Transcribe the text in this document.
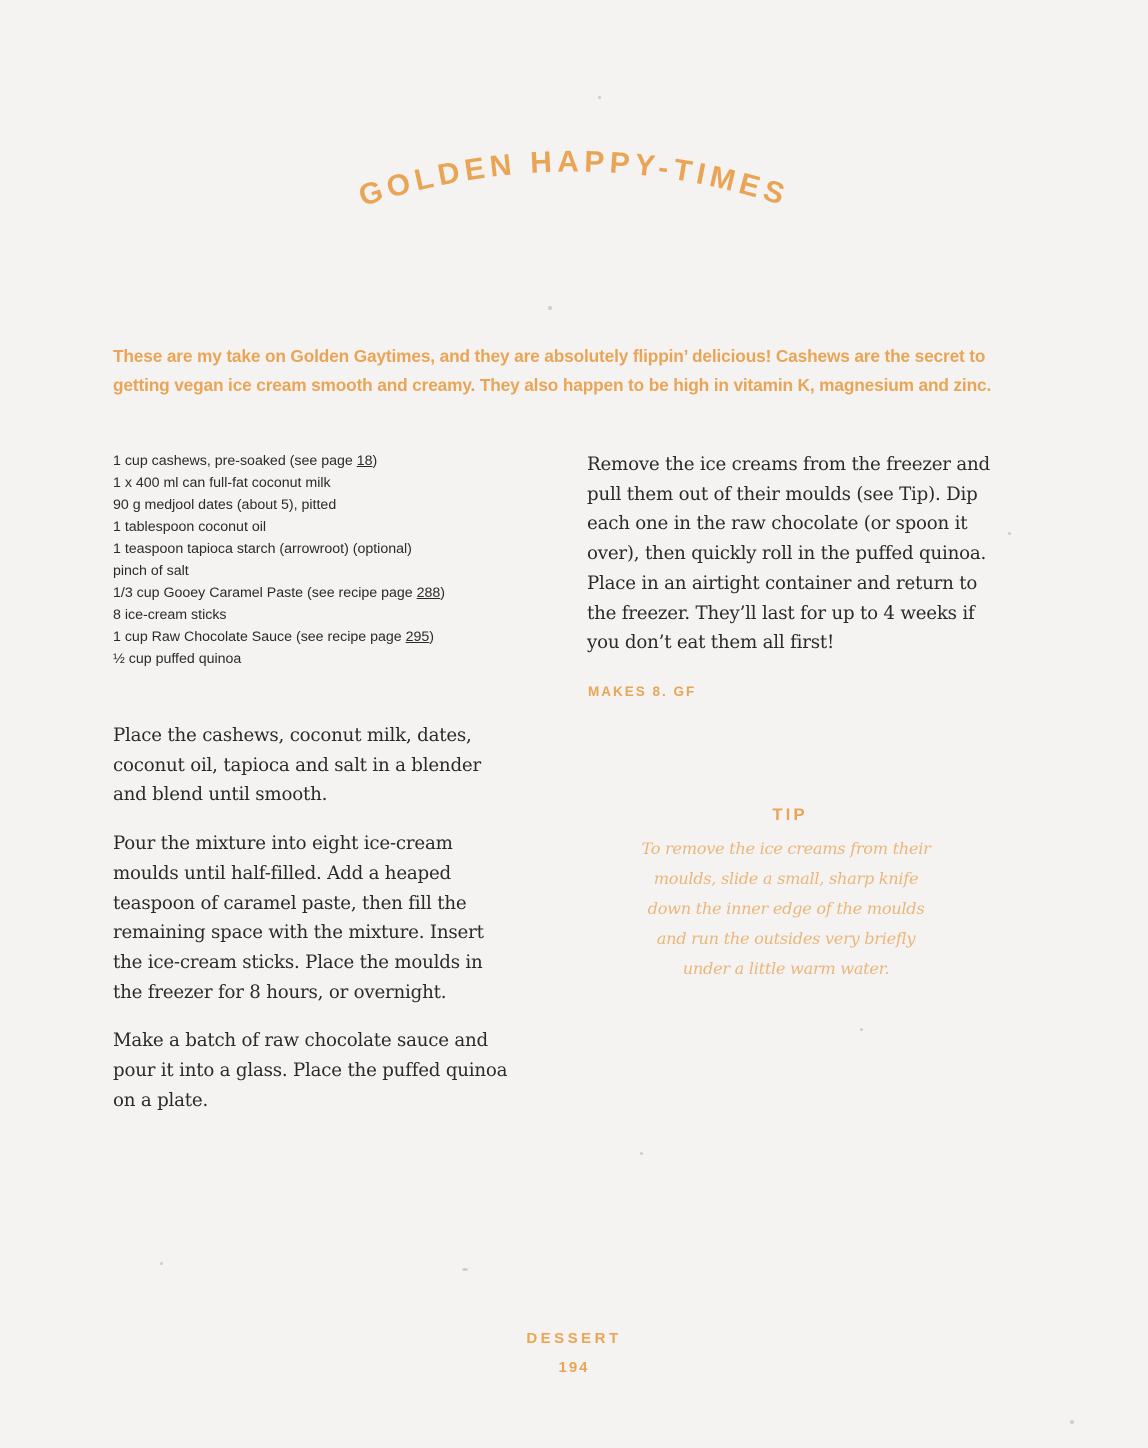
GOLDEN HAPPY-TIMES
These are my take on Golden Gaytimes, and they are absolutely flippin’ delicious! Cashews are the secret to getting vegan ice cream smooth and creamy. They also happen to be high in vitamin K, magnesium and zinc.
1 cup cashews, pre-soaked (see page 18)
1 x 400 ml can full-fat coconut milk
90 g medjool dates (about 5), pitted
1 tablespoon coconut oil
1 teaspoon tapioca starch (arrowroot) (optional)
pinch of salt
1/3 cup Gooey Caramel Paste (see recipe page 288)
8 ice-cream sticks
1 cup Raw Chocolate Sauce (see recipe page 295)
½ cup puffed quinoa

Place the cashews, coconut milk, dates, coconut oil, tapioca and salt in a blender and blend until smooth.

Pour the mixture into eight ice-cream moulds until half-filled. Add a heaped teaspoon of caramel paste, then fill the remaining space with the mixture. Insert the ice-cream sticks. Place the moulds in the freezer for 8 hours, or overnight.

Make a batch of raw chocolate sauce and pour it into a glass. Place the puffed quinoa on a plate.

Remove the ice creams from the freezer and pull them out of their moulds (see Tip). Dip each one in the raw chocolate (or spoon it over), then quickly roll in the puffed quinoa. Place in an airtight container and return to the freezer. They’ll last for up to 4 weeks if you don’t eat them all first!

MAKES 8. GF
TIP
To remove the ice creams from their moulds, slide a small, sharp knife down the inner edge of the moulds and run the outsides very briefly under a little warm water.
DESSERT
194
